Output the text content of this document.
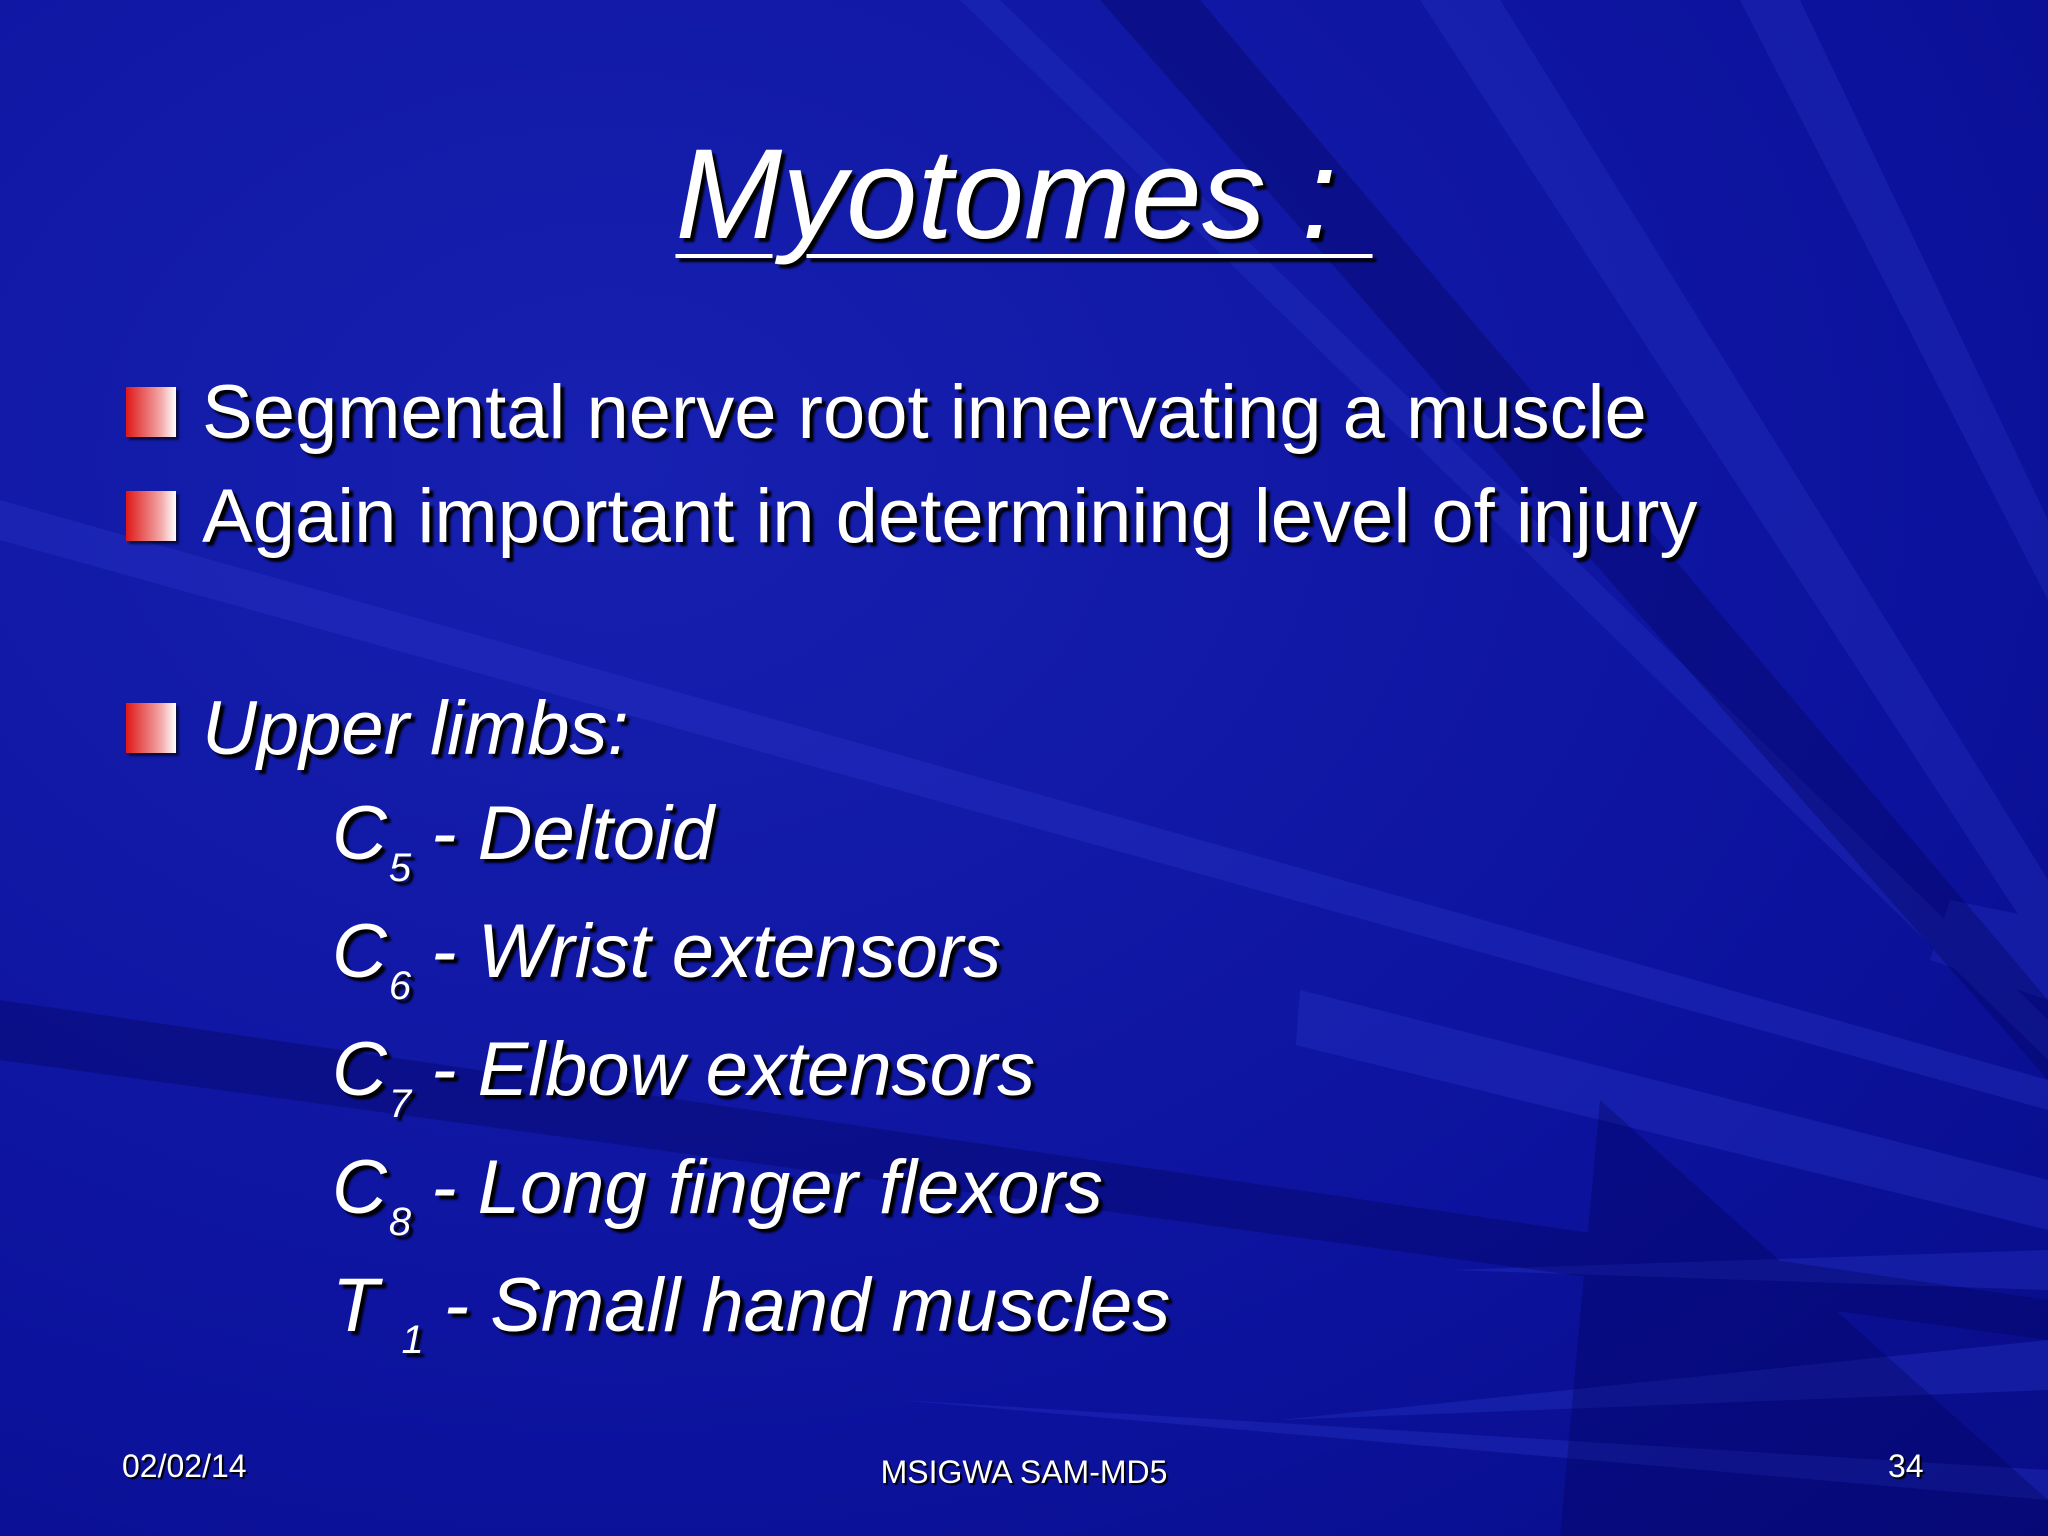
Myotomes :
Segmental nerve root innervating a muscle
Again important in determining level of injury
Upper limbs:
$C_5$ - Deltoid
$C_6$ - Wrist extensors
$C_7$ - Elbow extensors
$C_8$ - Long finger flexors
T $_1$ - Small hand muscles
02/02/14	MSIGWA SAM-MD5	34
